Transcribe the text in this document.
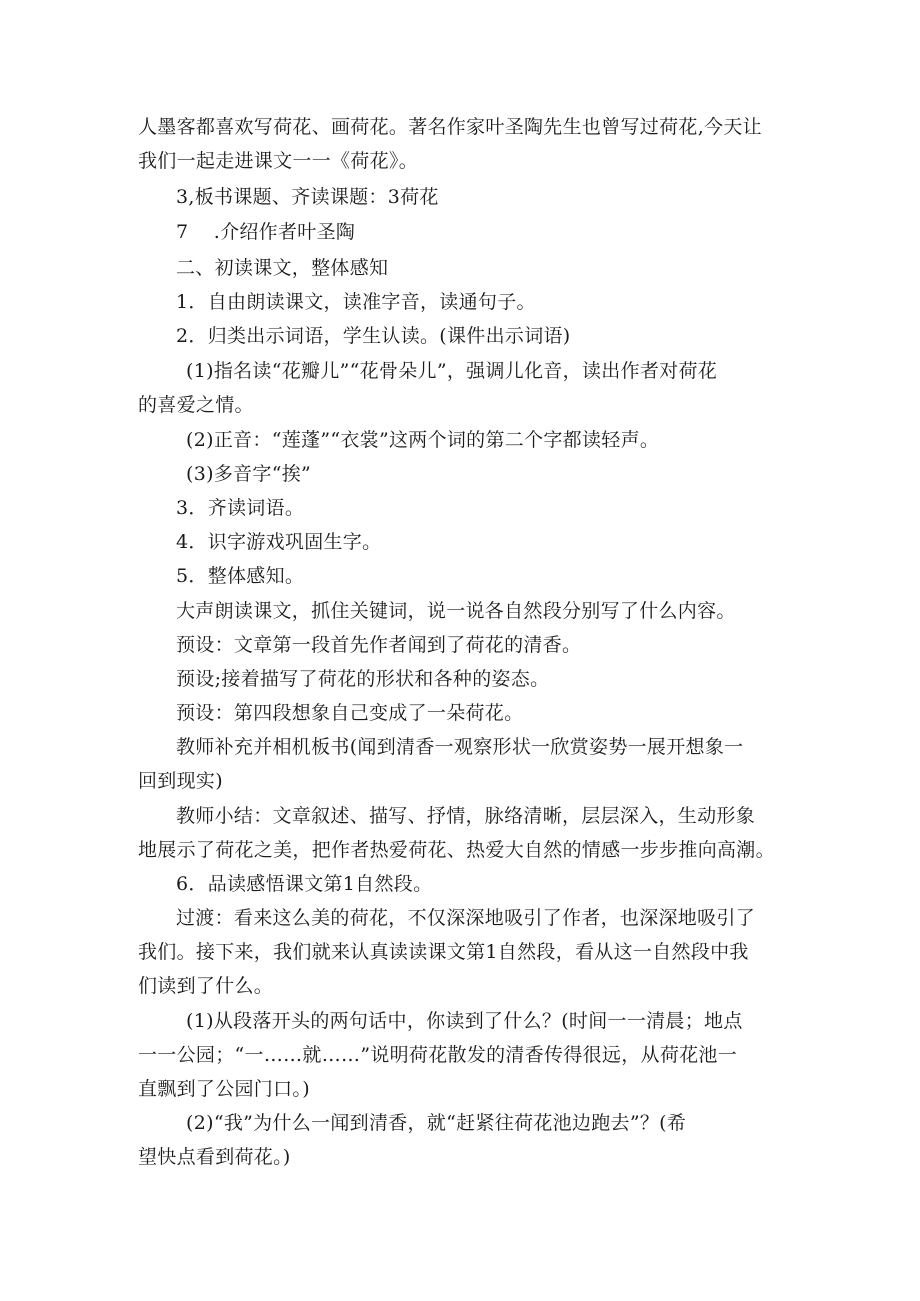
人墨客都喜欢写荷花、画荷花。著名作家叶圣陶先生也曾写过荷花,今天让
我们一起走进课文一一《荷花》。
3,板书课题、齐读课题：3荷花
7    .介绍作者叶圣陶
二、初读课文，整体感知
1．自由朗读课文，读准字音，读通句子。
2．归类出示词语，学生认读。(课件出示词语)
(1)指名读“花瓣儿”“花骨朵儿”，强调儿化音，读出作者对荷花
的喜爱之情。
(2)正音：“莲蓬”“衣裳”这两个词的第二个字都读轻声。
(3)多音字“挨”
3．齐读词语。
4．识字游戏巩固生字。
5．整体感知。
大声朗读课文，抓住关键词，说一说各自然段分别写了什么内容。
预设：文章第一段首先作者闻到了荷花的清香。
预设;接着描写了荷花的形状和各种的姿态。
预设：第四段想象自己变成了一朵荷花。
教师补充并相机板书(闻到清香一观察形状一欣赏姿势一展开想象一
回到现实)
教师小结：文章叙述、描写、抒情，脉络清晰，层层深入，生动形象
地展示了荷花之美，把作者热爱荷花、热爱大自然的情感一步步推向高潮。
6．品读感悟课文第1自然段。
过渡：看来这么美的荷花，不仅深深地吸引了作者，也深深地吸引了
我们。接下来，我们就来认真读读课文第1自然段，看从这一自然段中我
们读到了什么。
(1)从段落开头的两句话中，你读到了什么？(时间一一清晨；地点
一一公园；“一……就……”说明荷花散发的清香传得很远，从荷花池一
直飘到了公园门口。)
(2)“我”为什么一闻到清香，就“赶紧往荷花池边跑去”？(希
望快点看到荷花。)
